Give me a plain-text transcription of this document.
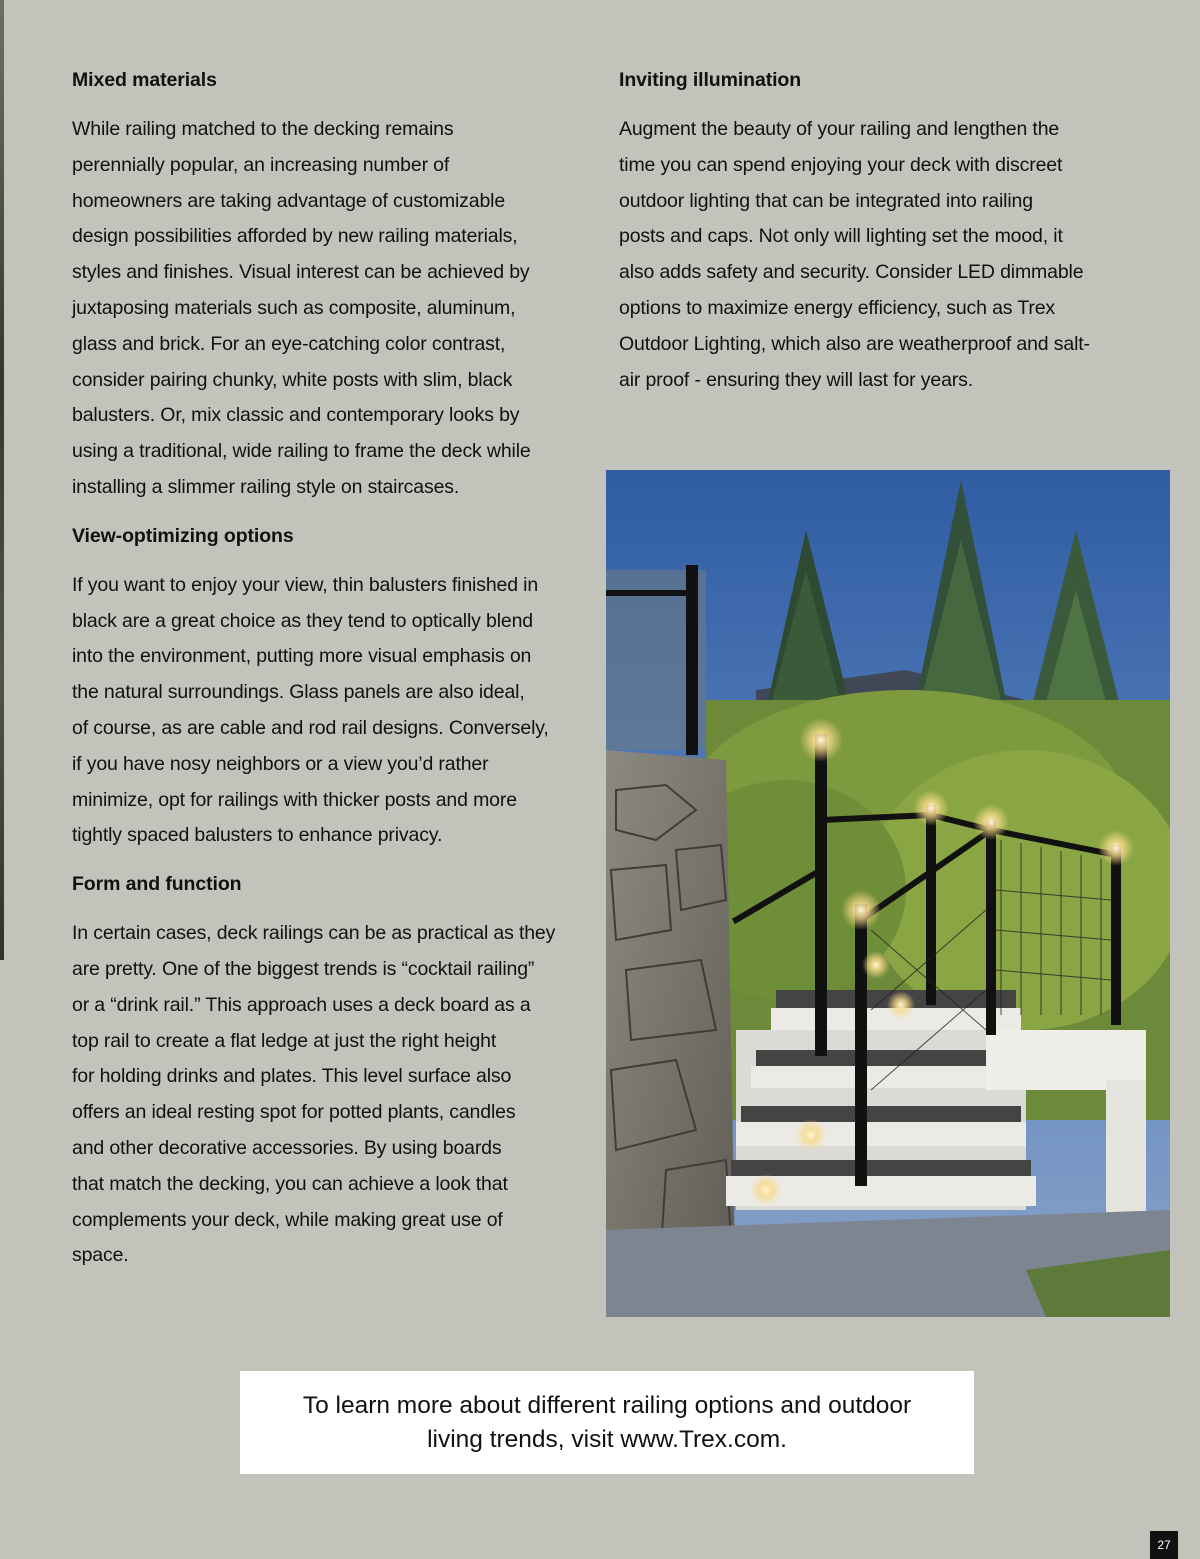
Mixed materials

While railing matched to the decking remains
perennially popular, an increasing number of
homeowners are taking advantage of customizable
design possibilities afforded by new railing materials,
styles and finishes. Visual interest can be achieved by
juxtaposing materials such as composite, aluminum,
glass and brick. For an eye-catching color contrast,
consider pairing chunky, white posts with slim, black
balusters. Or, mix classic and contemporary looks by
using a traditional, wide railing to frame the deck while
installing a slimmer railing style on staircases.

View-optimizing options

If you want to enjoy your view, thin balusters finished in
black are a great choice as they tend to optically blend
into the environment, putting more visual emphasis on
the natural surroundings. Glass panels are also ideal,
of course, as are cable and rod rail designs. Conversely,
if you have nosy neighbors or a view you’d rather
minimize, opt for railings with thicker posts and more
tightly spaced balusters to enhance privacy.

Form and function

In certain cases, deck railings can be as practical as they
are pretty. One of the biggest trends is “cocktail railing”
or a “drink rail.” This approach uses a deck board as a
top rail to create a flat ledge at just the right height
for holding drinks and plates. This level surface also
offers an ideal resting spot for potted plants, candles
and other decorative accessories. By using boards
that match the decking, you can achieve a look that
complements your deck, while making great use of
space.

Inviting illumination

Augment the beauty of your railing and lengthen the
time you can spend enjoying your deck with discreet
outdoor lighting that can be integrated into railing
posts and caps. Not only will lighting set the mood, it
also adds safety and security. Consider LED dimmable
options to maximize energy efficiency, such as Trex
Outdoor Lighting, which also are weatherproof and salt-
air proof - ensuring they will last for years.

To learn more about different railing options and outdoor
living trends, visit www.Trex.com.
27
